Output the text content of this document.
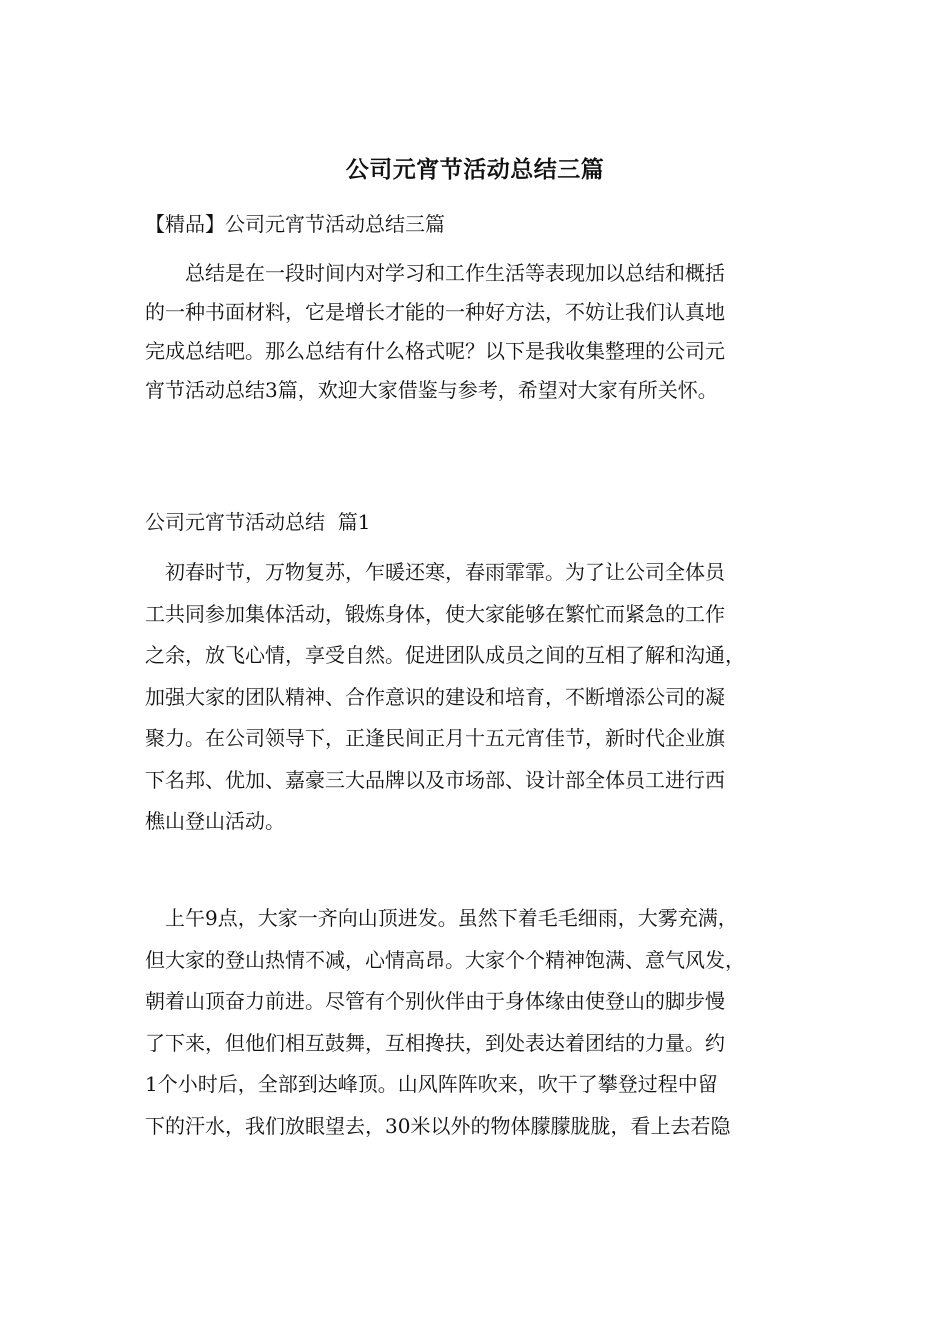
公司元宵节活动总结三篇
【精品】公司元宵节活动总结三篇
　　总结是在一段时间内对学习和工作生活等表现加以总结和概括
的一种书面材料，它是增长才能的一种好方法，不妨让我们认真地
完成总结吧。那么总结有什么格式呢？以下是我收集整理的公司元
宵节活动总结3篇，欢迎大家借鉴与参考，希望对大家有所关怀。
公司元宵节活动总结  篇1
　初春时节，万物复苏，乍暖还寒，春雨霏霏。为了让公司全体员
工共同参加集体活动，锻炼身体，使大家能够在繁忙而紧急的工作
之余，放飞心情，享受自然。促进团队成员之间的互相了解和沟通，
加强大家的团队精神、合作意识的建设和培育，不断增添公司的凝
聚力。在公司领导下，正逢民间正月十五元宵佳节，新时代企业旗
下名邦、优加、嘉豪三大品牌以及市场部、设计部全体员工进行西
樵山登山活动。
　上午9点，大家一齐向山顶进发。虽然下着毛毛细雨，大雾充满，
但大家的登山热情不减，心情高昂。大家个个精神饱满、意气风发，
朝着山顶奋力前进。尽管有个别伙伴由于身体缘由使登山的脚步慢
了下来，但他们相互鼓舞，互相搀扶，到处表达着团结的力量。约
1个小时后，全部到达峰顶。山风阵阵吹来，吹干了攀登过程中留
下的汗水，我们放眼望去，30米以外的物体朦朦胧胧，看上去若隐
